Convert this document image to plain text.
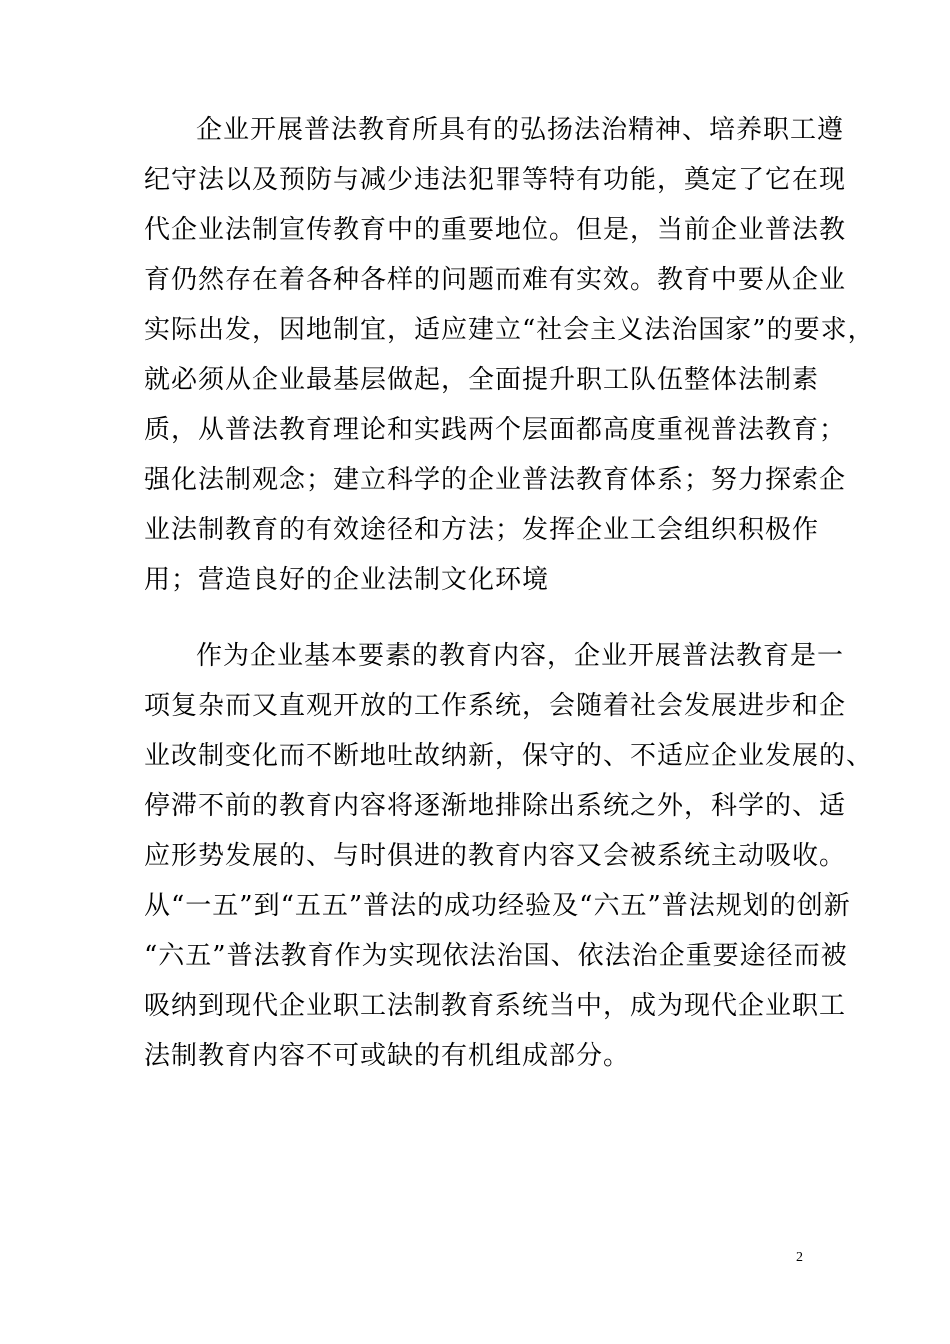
企业开展普法教育所具有的弘扬法治精神、培养职工遵
纪守法以及预防与减少违法犯罪等特有功能，奠定了它在现
代企业法制宣传教育中的重要地位。但是，当前企业普法教
育仍然存在着各种各样的问题而难有实效。教育中要从企业
实际出发，因地制宜，适应建立“社会主义法治国家”的要求，
就必须从企业最基层做起，全面提升职工队伍整体法制素
质，从普法教育理论和实践两个层面都高度重视普法教育；
强化法制观念；建立科学的企业普法教育体系；努力探索企
业法制教育的有效途径和方法；发挥企业工会组织积极作
用；营造良好的企业法制文化环境
作为企业基本要素的教育内容，企业开展普法教育是一
项复杂而又直观开放的工作系统，会随着社会发展进步和企
业改制变化而不断地吐故纳新，保守的、不适应企业发展的、
停滞不前的教育内容将逐渐地排除出系统之外，科学的、适
应形势发展的、与时俱进的教育内容又会被系统主动吸收。
从“一五”到“五五”普法的成功经验及“六五”普法规划的创新
“六五”普法教育作为实现依法治国、依法治企重要途径而被
吸纳到现代企业职工法制教育系统当中，成为现代企业职工
法制教育内容不可或缺的有机组成部分。
2
